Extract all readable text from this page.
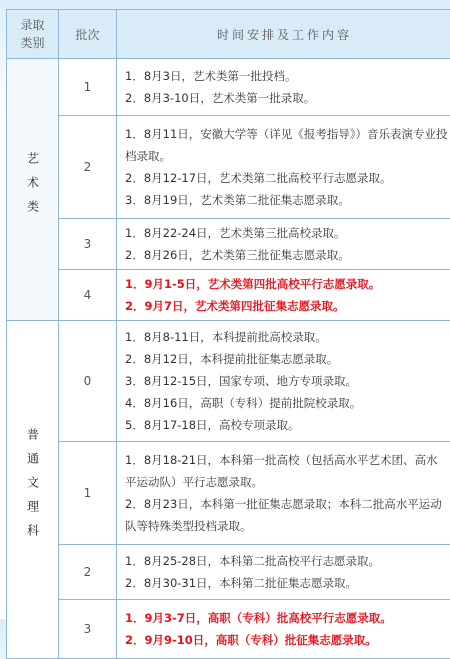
录取
类别	批次	时间安排及工作内容
艺术类	1	1．8月3日，艺术类第一批投档。
2．8月3-10日，艺术类第一批录取。

	2	1．8月11日，安徽大学等（详见《报考指导》）音乐表演专业投档录取。
2．8月12-17日，艺术类第二批高校平行志愿录取。
3．8月19日，艺术类第二批征集志愿录取。

	3	1．8月22-24日，艺术类第三批高校录取。
2．8月26日，艺术类第三批征集志愿录取。

	4	1．9月1-5日，艺术类第四批高校平行志愿录取。
2．9月7日，艺术类第四批征集志愿录取。

普通文理科	0	1．8月8-11日，本科提前批高校录取。
2．8月12日，本科提前批征集志愿录取。
3．8月12-15日，国家专项、地方专项录取。
4．8月16日，高职（专科）提前批院校录取。
5．8月17-18日，高校专项录取。

	1	1．8月18-21日，本科第一批高校（包括高水平艺术团、高水平运动队）平行志愿录取。
2．8月23日，本科第一批征集志愿录取；本科二批高水平运动队等特殊类型投档录取。

	2	1．8月25-28日，本科第二批高校平行志愿录取。
2．8月30-31日，本科第二批征集志愿录取。

	3	1．9月3-7日，高职（专科）批高校平行志愿录取。
2．9月9-10日，高职（专科）批征集志愿录取。
